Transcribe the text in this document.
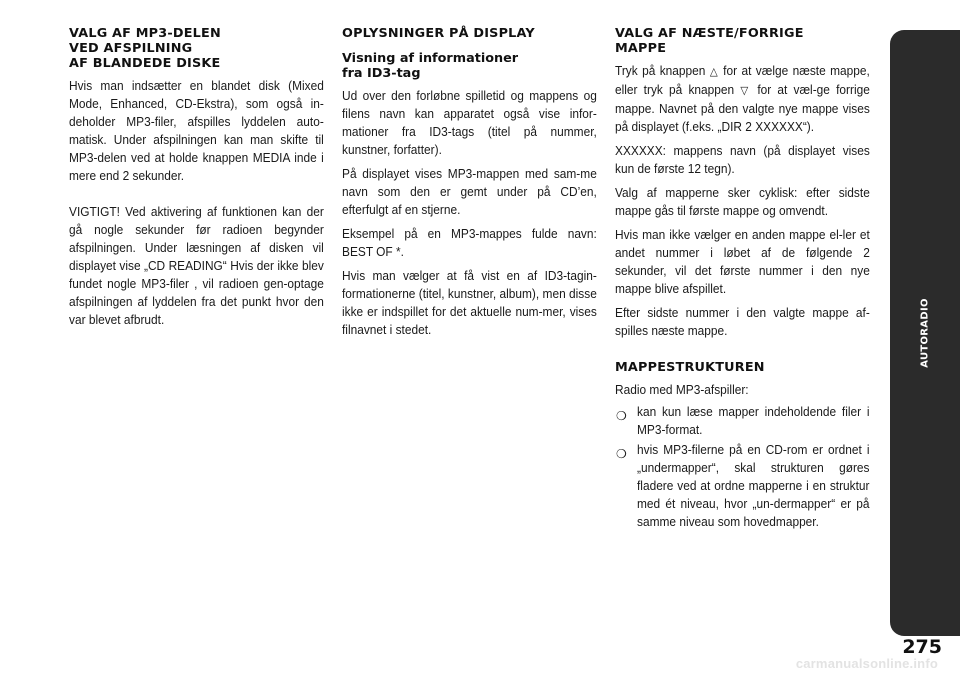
VALG AF MP3-DELEN
VED AFSPILNING
AF BLANDEDE DISKE

Hvis man indsætter en blandet disk (Mixed Mode, Enhanced, CD-Ekstra), som også in-deholder MP3-filer, afspilles lyddelen auto-matisk. Under afspilningen kan man skifte til MP3-delen ved at holde knappen MEDIA inde i mere end 2 sekunder.

VIGTIGT! Ved aktivering af funktionen kan der gå nogle sekunder før radioen begynder afspilningen. Under læsningen af disken vil displayet vise „CD READING“ Hvis der ikke blev fundet nogle MP3-filer , vil radioen gen-optage afspilningen af lyddelen fra det punkt hvor den var blevet afbrudt.

OPLYSNINGER PÅ DISPLAY
Visning af informationer
fra ID3-tag

Ud over den forløbne spilletid og mappens og filens navn kan apparatet også vise infor-mationer fra ID3-tags (titel på nummer, kunstner, forfatter).

På displayet vises MP3-mappen med sam-me navn som den er gemt under på CD’en, efterfulgt af en stjerne.

Eksempel på en MP3-mappes fulde navn: BEST OF *.

Hvis man vælger at få vist en af ID3-tagin-formationerne (titel, kunstner, album), men disse ikke er indspillet for det aktuelle num-mer, vises filnavnet i stedet.

VALG AF NÆSTE/FORRIGE
MAPPE

Tryk på knappen △ for at vælge næste mappe, eller tryk på knappen ▽ for at væl-ge forrige mappe. Navnet på den valgte nye mappe vises på displayet (f.eks. „DIR 2 XXXXXX“).

XXXXXX: mappens navn (på displayet vises kun de første 12 tegn).

Valg af mapperne sker cyklisk: efter sidste mappe gås til første mappe og omvendt.

Hvis man ikke vælger en anden mappe el-ler et andet nummer i løbet af de følgende 2 sekunder, vil det første nummer i den nye mappe blive afspillet.

Efter sidste nummer i den valgte mappe af-spilles næste mappe.

MAPPESTRUKTUREN

Radio med MP3-afspiller:

❍ kan kun læse mapper indeholdende filer i MP3-format.

❍ hvis MP3-filerne på en CD-rom er ordnet i „undermapper“, skal strukturen gøres fladere ved at ordne mapperne i en struktur med ét niveau, hvor „un-dermapper“ er på samme niveau som hovedmapper.

AUTORADIO
275
carmanualsonline.info
